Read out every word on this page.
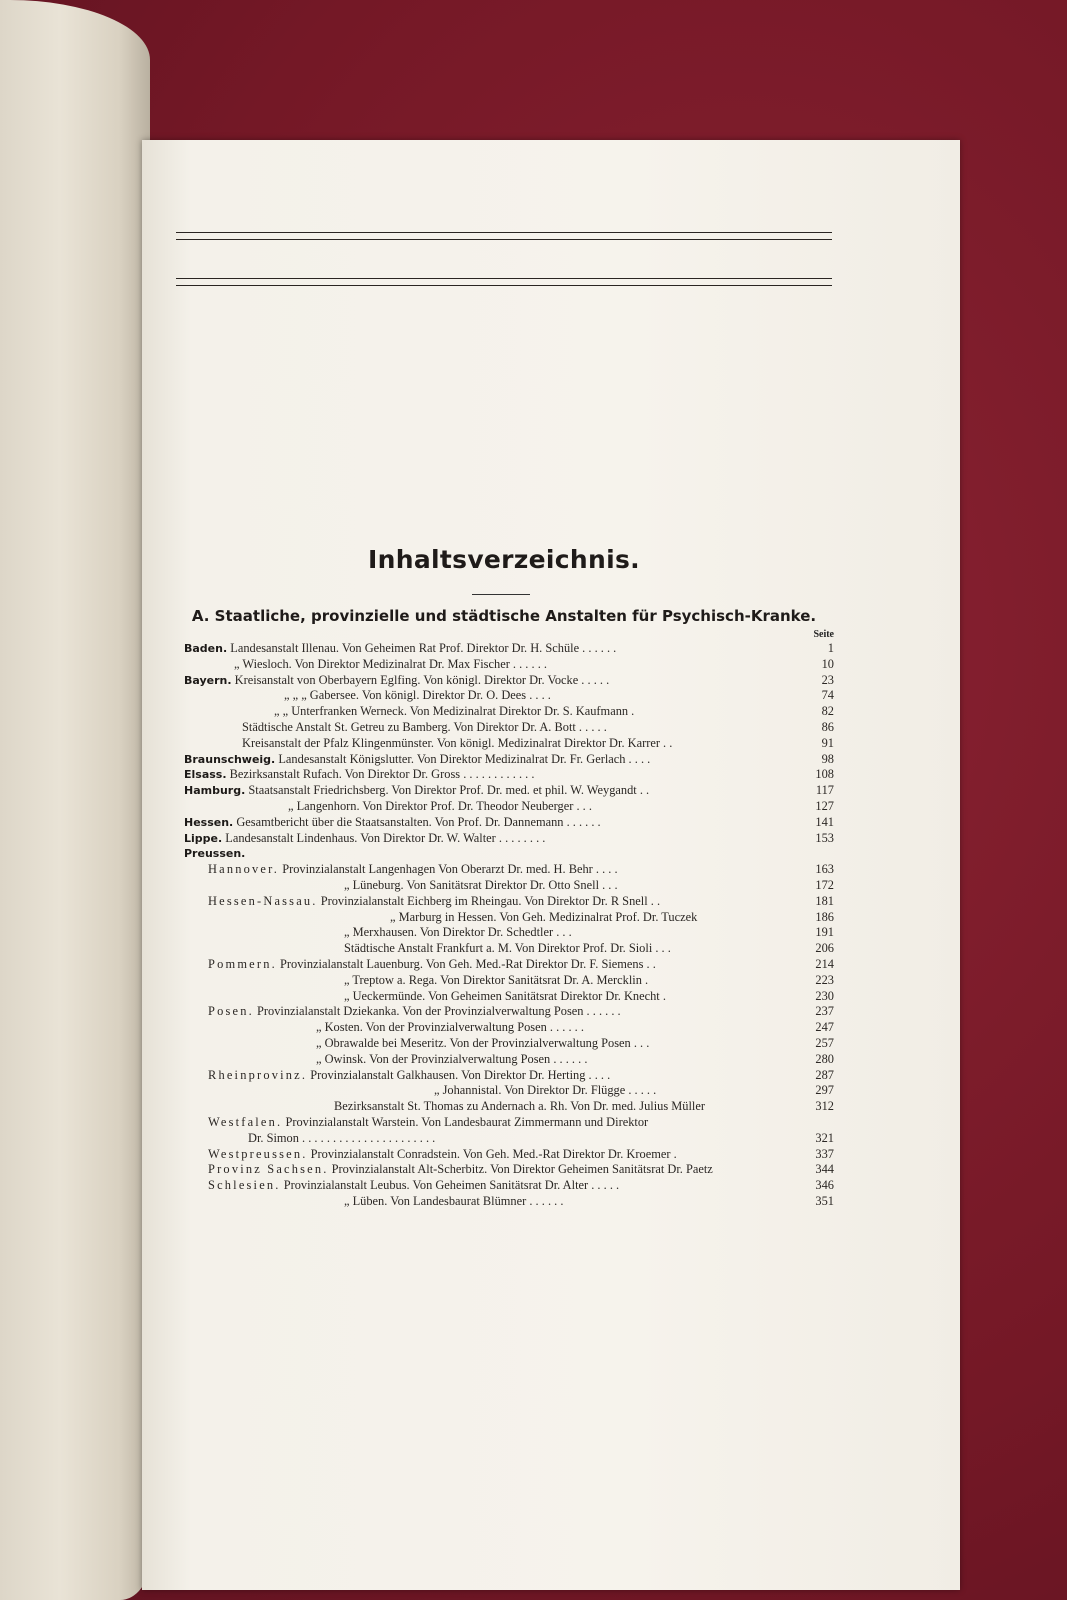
Inhaltsverzeichnis.
A. Staatliche, provinzielle und städtische Anstalten für Psychisch-Kranke.
Seite
Baden. Landesanstalt Illenau. Von Geheimen Rat Prof. Direktor Dr. H. Schüle . . . . . .	1
„ Wiesloch. Von Direktor Medizinalrat Dr. Max Fischer . . . . . .	10
Bayern. Kreisanstalt von Oberbayern Eglfing. Von königl. Direktor Dr. Vocke . . . . .	23
„ „ „ Gabersee. Von königl. Direktor Dr. O. Dees . . . .	74
„ „ Unterfranken Werneck. Von Medizinalrat Direktor Dr. S. Kaufmann .	82
Städtische Anstalt St. Getreu zu Bamberg. Von Direktor Dr. A. Bott . . . . .	86
Kreisanstalt der Pfalz Klingenmünster. Von königl. Medizinalrat Direktor Dr. Karrer . .	91
Braunschweig. Landesanstalt Königslutter. Von Direktor Medizinalrat Dr. Fr. Gerlach . . . .	98
Elsass. Bezirksanstalt Rufach. Von Direktor Dr. Gross . . . . . . . . . . . .	108
Hamburg. Staatsanstalt Friedrichsberg. Von Direktor Prof. Dr. med. et phil. W. Weygandt . .	117
„ Langenhorn. Von Direktor Prof. Dr. Theodor Neuberger . . .	127
Hessen. Gesamtbericht über die Staatsanstalten. Von Prof. Dr. Dannemann . . . . . .	141
Lippe. Landesanstalt Lindenhaus. Von Direktor Dr. W. Walter . . . . . . . .	153
Preussen.
Hannover. Provinzialanstalt Langenhagen Von Oberarzt Dr. med. H. Behr . . . .	163
„ Lüneburg. Von Sanitätsrat Direktor Dr. Otto Snell . . .	172
Hessen-Nassau. Provinzialanstalt Eichberg im Rheingau. Von Direktor Dr. R Snell . .	181
„ Marburg in Hessen. Von Geh. Medizinalrat Prof. Dr. Tuczek	186
„ Merxhausen. Von Direktor Dr. Schedtler . . .	191
Städtische Anstalt Frankfurt a. M. Von Direktor Prof. Dr. Sioli . . .	206
Pommern. Provinzialanstalt Lauenburg. Von Geh. Med.-Rat Direktor Dr. F. Siemens . .	214
„ Treptow a. Rega. Von Direktor Sanitätsrat Dr. A. Mercklin .	223
„ Ueckermünde. Von Geheimen Sanitätsrat Direktor Dr. Knecht .	230
Posen. Provinzialanstalt Dziekanka. Von der Provinzialverwaltung Posen . . . . . .	237
„ Kosten. Von der Provinzialverwaltung Posen . . . . . .	247
„ Obrawalde bei Meseritz. Von der Provinzialverwaltung Posen . . .	257
„ Owinsk. Von der Provinzialverwaltung Posen . . . . . .	280
Rheinprovinz. Provinzialanstalt Galkhausen. Von Direktor Dr. Herting . . . .	287
„ Johannistal. Von Direktor Dr. Flügge . . . . .	297
Bezirksanstalt St. Thomas zu Andernach a. Rh. Von Dr. med. Julius Müller	312
Westfalen. Provinzialanstalt Warstein. Von Landesbaurat Zimmermann und Direktor
Dr. Simon . . . . . . . . . . . . . . . . . . . . . .	321
Westpreussen. Provinzialanstalt Conradstein. Von Geh. Med.-Rat Direktor Dr. Kroemer .	337
Provinz Sachsen. Provinzialanstalt Alt-Scherbitz. Von Direktor Geheimen Sanitätsrat Dr. Paetz	344
Schlesien. Provinzialanstalt Leubus. Von Geheimen Sanitätsrat Dr. Alter . . . . .	346
„ Lüben. Von Landesbaurat Blümner . . . . . .	351
